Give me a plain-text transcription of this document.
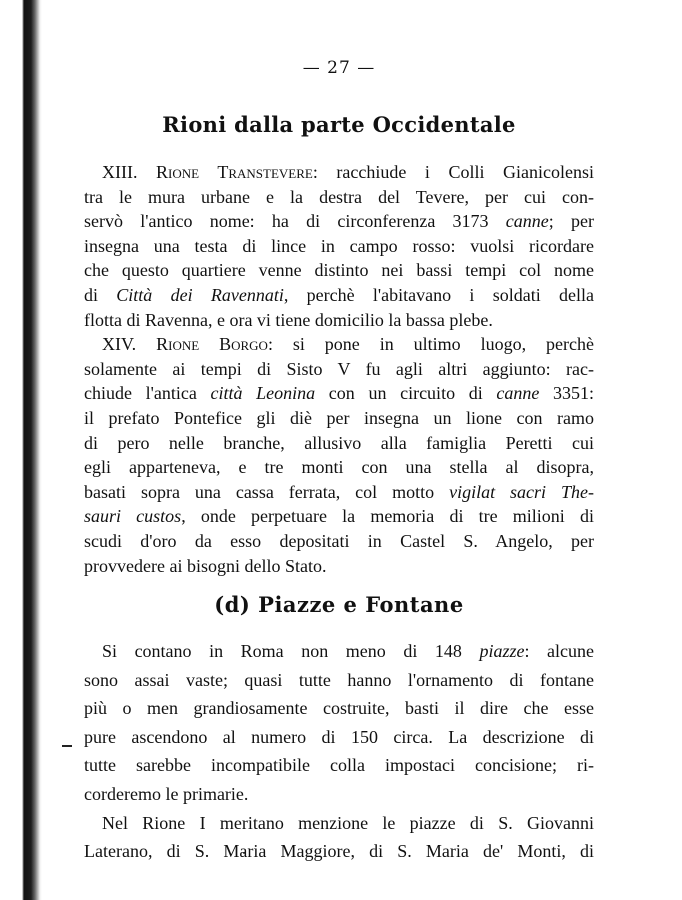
— 27 —
Rioni dalla parte Occidentale
XIII. Rione Transtevere: racchiude i Colli Gianicolensi
tra le mura urbane e la destra del Tevere, per cui con-
servò l'antico nome: ha di circonferenza 3173 canne; per
insegna una testa di lince in campo rosso: vuolsi ricordare
che questo quartiere venne distinto nei bassi tempi col nome
di Città dei Ravennati, perchè l'abitavano i soldati della
flotta di Ravenna, e ora vi tiene domicilio la bassa plebe.
XIV. Rione Borgo: si pone in ultimo luogo, perchè
solamente ai tempi di Sisto V fu agli altri aggiunto: rac-
chiude l'antica città Leonina con un circuito di canne 3351:
il prefato Pontefice gli diè per insegna un lione con ramo
di pero nelle branche, allusivo alla famiglia Peretti cui
egli apparteneva, e tre monti con una stella al disopra,
basati sopra una cassa ferrata, col motto vigilat sacri The-
sauri custos, onde perpetuare la memoria di tre milioni di
scudi d'oro da esso depositati in Castel S. Angelo, per
provvedere ai bisogni dello Stato.
(d) Piazze e Fontane
Si contano in Roma non meno di 148 piazze: alcune
sono assai vaste; quasi tutte hanno l'ornamento di fontane
più o men grandiosamente costruite, basti il dire che esse
pure ascendono al numero di 150 circa. La descrizione di
tutte sarebbe incompatibile colla impostaci concisione; ri-
corderemo le primarie.
Nel Rione I meritano menzione le piazze di S. Giovanni
Laterano, di S. Maria Maggiore, di S. Maria de' Monti, di
